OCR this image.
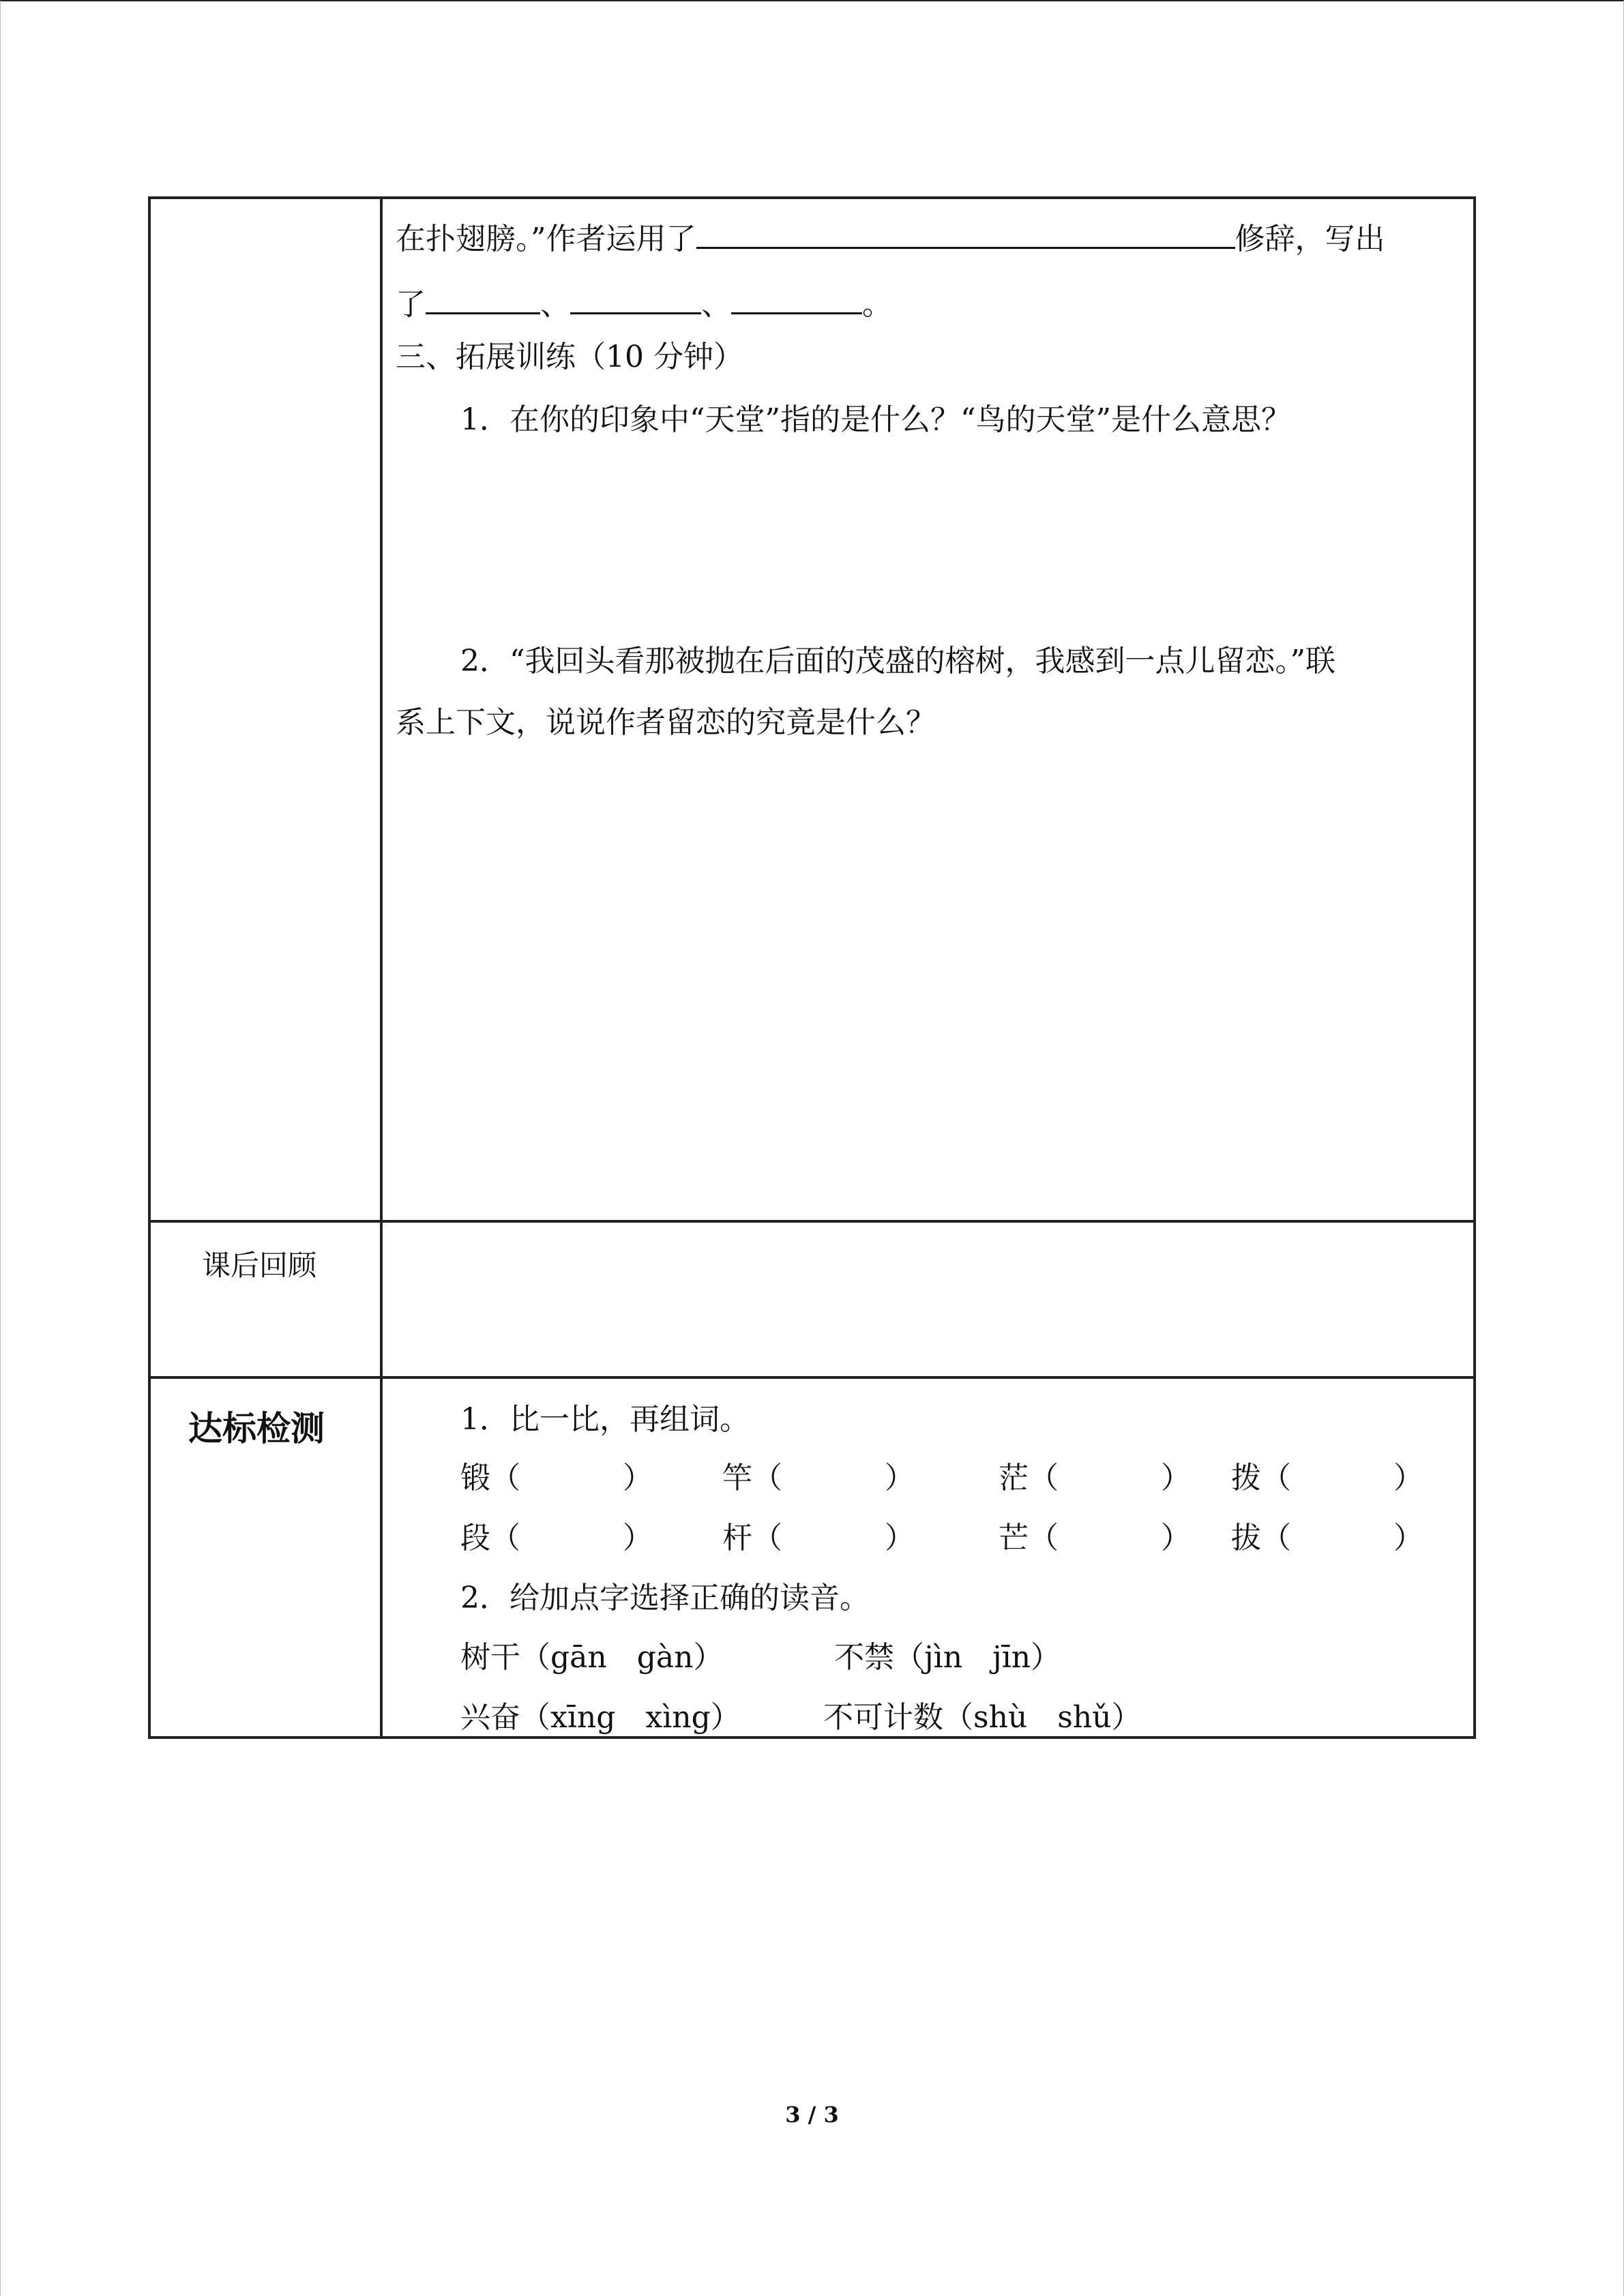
在扑翅膀。”作者运用了	修辞，写出
了	、	、	。
三、拓展训练（10 分钟）
1．在你的印象中“天堂”指的是什么？“鸟的天堂”是什么意思？
2．“我回头看那被抛在后面的茂盛的榕树，我感到一点儿留恋。”联
系上下文，说说作者留恋的究竟是什么？
课后回顾
达标检测	1．比一比，再组词。
锻（	） 竿（	）	茫（	） 拨（	）
段（	） 杆（	）	芒（	） 拔（	）
2．给加点字选择正确的读音。
树干（gān　gàn）	不禁（jìn　jīn）
兴奋（xīng　xìng）	不可计数（shù　shǔ）
3 / 3
